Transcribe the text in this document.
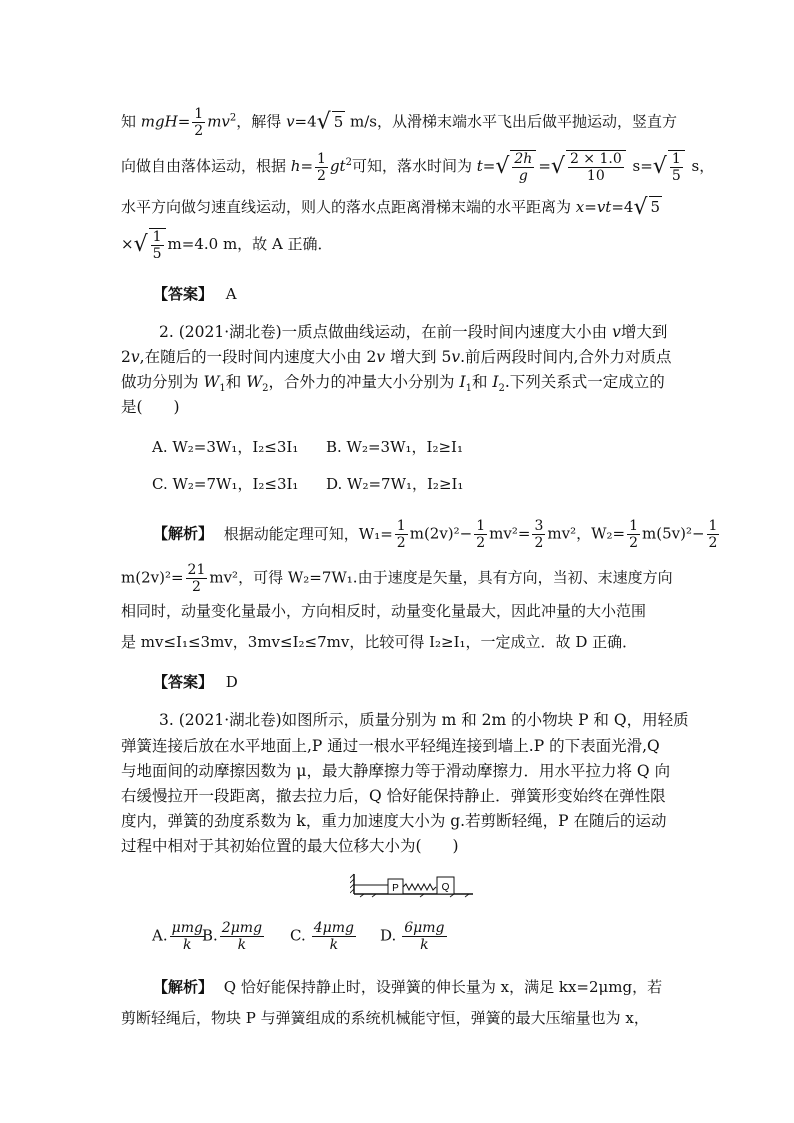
知 $mgH= \frac{1}{2} mv^2$，解得 v=4√ 5 m/s，从滑梯末端水平飞出后做平抛运动，竖直方
向做自由落体运动，根据 $h= \frac{1}{2} gt^2$可知，落水时间为 $t=√ \frac{2h}{g}$ =√ $\frac{2 \times 1.0}{10} s=√ \frac{1}{5}$ s，
水平方向做匀速直线运动，则人的落水点距离滑梯末端的水平距离为 x=vt=4√ 5
×√ $\frac{1}{5} m=4.0$ m，故 A 正确．
【答案】 A
2. (2021·湖北卷)一质点做曲线运动，在前一段时间内速度大小由 v增大到
2v,在随后的一段时间内速度大小由 2v 增大到 5v.前后两段时间内,合外力对质点
做功分别为 $W_1$和 $W_2$，合外力的冲量大小分别为 $I_1$和 $I_2$.下列关系式一定成立的
是(　　)
A. W₂=3W₁，I₂≤3I₁ B. W₂=3W₁，I₂≥I₁
C. W₂=7W₁，I₂≤3I₁ D. W₂=7W₁，I₂≥I₁
【解析】 根据动能定理可知，$W_1= \frac{1}{2} m(2v)^2- \frac{1}{2} mv^2= \frac{3}{2} mv^2$，$W_2= \frac{1}{2} m(5v)^2- \frac{1}{2}$
$m(2v)^2= \frac{21}{2} mv^2$，可得 W₂=7W₁.由于速度是矢量，具有方向，当初、末速度方向
相同时，动量变化量最小，方向相反时，动量变化量最大，因此冲量的大小范围
是 mv≤I₁≤3mv，3mv≤I₂≤7mv，比较可得 I₂≥I₁，一定成立．故 D 正确．
【答案】 D
3. (2021·湖北卷)如图所示，质量分别为 m 和 2m 的小物块 P 和 Q，用轻质
弹簧连接后放在水平地面上,P 通过一根水平轻绳连接到墙上.P 的下表面光滑,Q
与地面间的动摩擦因数为 μ，最大静摩擦力等于滑动摩擦力．用水平拉力将 Q 向
右缓慢拉开一段距离，撤去拉力后，Q 恰好能保持静止．弹簧形变始终在弹性限
度内，弹簧的劲度系数为 k，重力加速度大小为 g.若剪断轻绳，P 在随后的运动
过程中相对于其初始位置的最大位移大小为(　　)
P	Q
A. $\frac{\text{μmg}}{k}$
B. $\frac{\text{2μmg}}{k} C$. $\frac{\text{4μmg}}{k} D$. $\frac{\text{6μmg}}{k}$
【解析】 Q 恰好能保持静止时，设弹簧的伸长量为 x，满足 kx=2μmg，若
剪断轻绳后，物块 P 与弹簧组成的系统机械能守恒，弹簧的最大压缩量也为 x，
